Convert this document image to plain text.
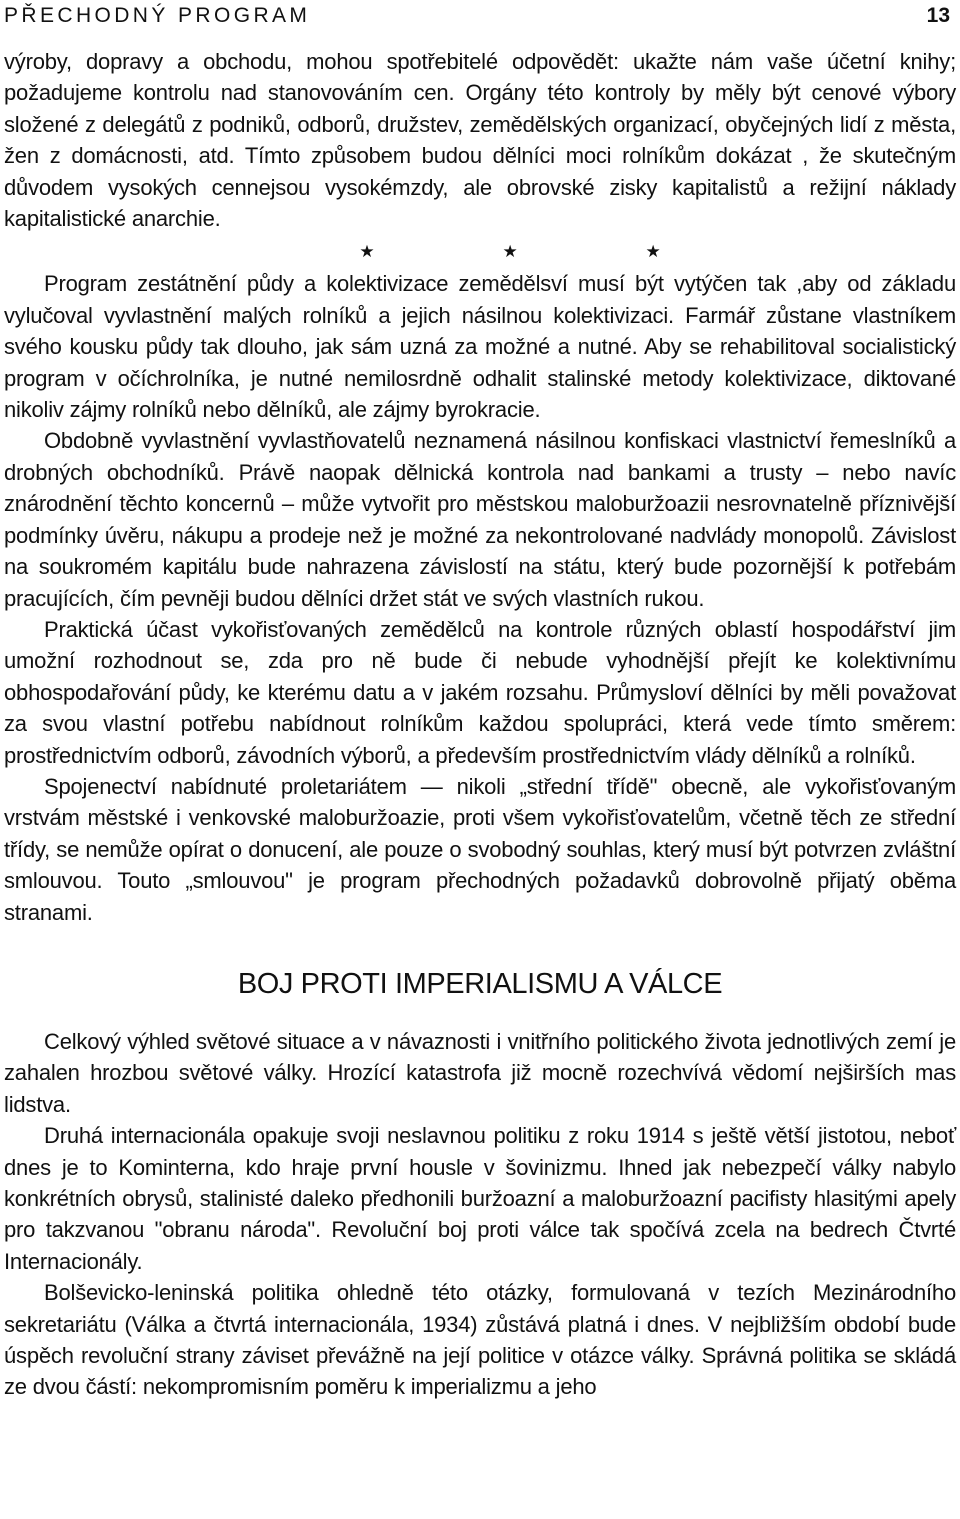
PŘECHODNÝ PROGRAM	13

výroby, dopravy a obchodu, mohou spotřebitelé odpovědět: ukažte nám vaše účetní knihy; požadujeme kontrolu nad stanovováním cen. Orgány této kontroly by měly být cenové výbory složené z delegátů z podniků, odborů, družstev, zemědělských organizací, obyčejných lidí z města, žen z domácnosti, atd. Tímto způsobem budou dělníci moci rolníkům dokázat , že skutečným důvodem vysokých cennejsou vysokémzdy, ale obrovské zisky kapitalistů a režijní náklady kapitalistické anarchie.

★	★	★

Program zestátnění půdy a kolektivizace zemědělsví musí být vytýčen tak ,aby od základu vylučoval vyvlastnění malých rolníků a jejich násilnou kolektivizaci. Farmář zůstane vlastníkem svého kousku půdy tak dlouho, jak sám uzná za možné a nutné. Aby se rehabilitoval socialistický program v očíchrolníka, je nutné nemilosrdně odhalit stalinské metody kolektivizace, diktované nikoliv zájmy rolníků nebo dělníků, ale zájmy byrokracie.

Obdobně vyvlastnění vyvlastňovatelů neznamená násilnou konfiskaci vlastnictví řemeslníků a drobných obchodníků. Právě naopak dělnická kontrola nad bankami a trusty – nebo navíc znárodnění těchto koncernů – může vytvořit pro městskou maloburžoazii nesrovnatelně příznivější podmínky úvěru, nákupu a prodeje než je možné za nekontrolované nadvlády monopolů. Závislost na soukromém kapitálu bude nahrazena závislostí na státu, který bude pozornější k potřebám pracujících, čím pevněji budou dělníci držet stát ve svých vlastních rukou.

Praktická účast vykořisťovaných zemědělců na kontrole různých oblastí hospodářství jim umožní rozhodnout se, zda pro ně bude či nebude vyhodnější přejít ke kolektivnímu obhospodařování půdy, ke kterému datu a v jakém rozsahu. Průmysloví dělníci by měli považovat za svou vlastní potřebu nabídnout rolníkům každou spolupráci, která vede tímto směrem: prostřednictvím odborů, závodních výborů, a především prostřednictvím vlády dělníků a rolníků.

Spojenectví nabídnuté proletariátem — nikoli „střední třídě" obecně, ale vykořisťovaným vrstvám městské i venkovské maloburžoazie, proti všem vykořisťovatelům, včetně těch ze střední třídy, se nemůže opírat o donucení, ale pouze o svobodný souhlas, který musí být potvrzen zvláštní smlouvou. Touto „smlouvou" je program přechodných požadavků dobrovolně přijatý oběma stranami.

BOJ PROTI IMPERIALISMU A VÁLCE

Celkový výhled světové situace a v návaznosti i vnitřního politického života jednotlivých zemí je zahalen hrozbou světové války. Hrozící katastrofa již mocně rozechvívá vědomí nejširších mas lidstva.

Druhá internacionála opakuje svoji neslavnou politiku z roku 1914 s ještě větší jistotou, neboť dnes je to Kominterna, kdo hraje první housle v šovinizmu. Ihned jak nebezpečí války nabylo konkrétních obrysů, stalinisté daleko předhonili buržoazní a maloburžoazní pacifisty hlasitými apely pro takzvanou "obranu národa". Revoluční boj proti válce tak spočívá zcela na bedrech Čtvrté Internacionály.

Bolševicko-leninská politika ohledně této otázky, formulovaná v tezích Mezinárodního sekretariátu (Válka a čtvrtá internacionála, 1934) zůstává platná i dnes. V nejbližším období bude úspěch revoluční strany záviset převážně na její politice v otázce války. Správná politika se skládá ze dvou částí: nekompromisním poměru k imperializmu a jeho
